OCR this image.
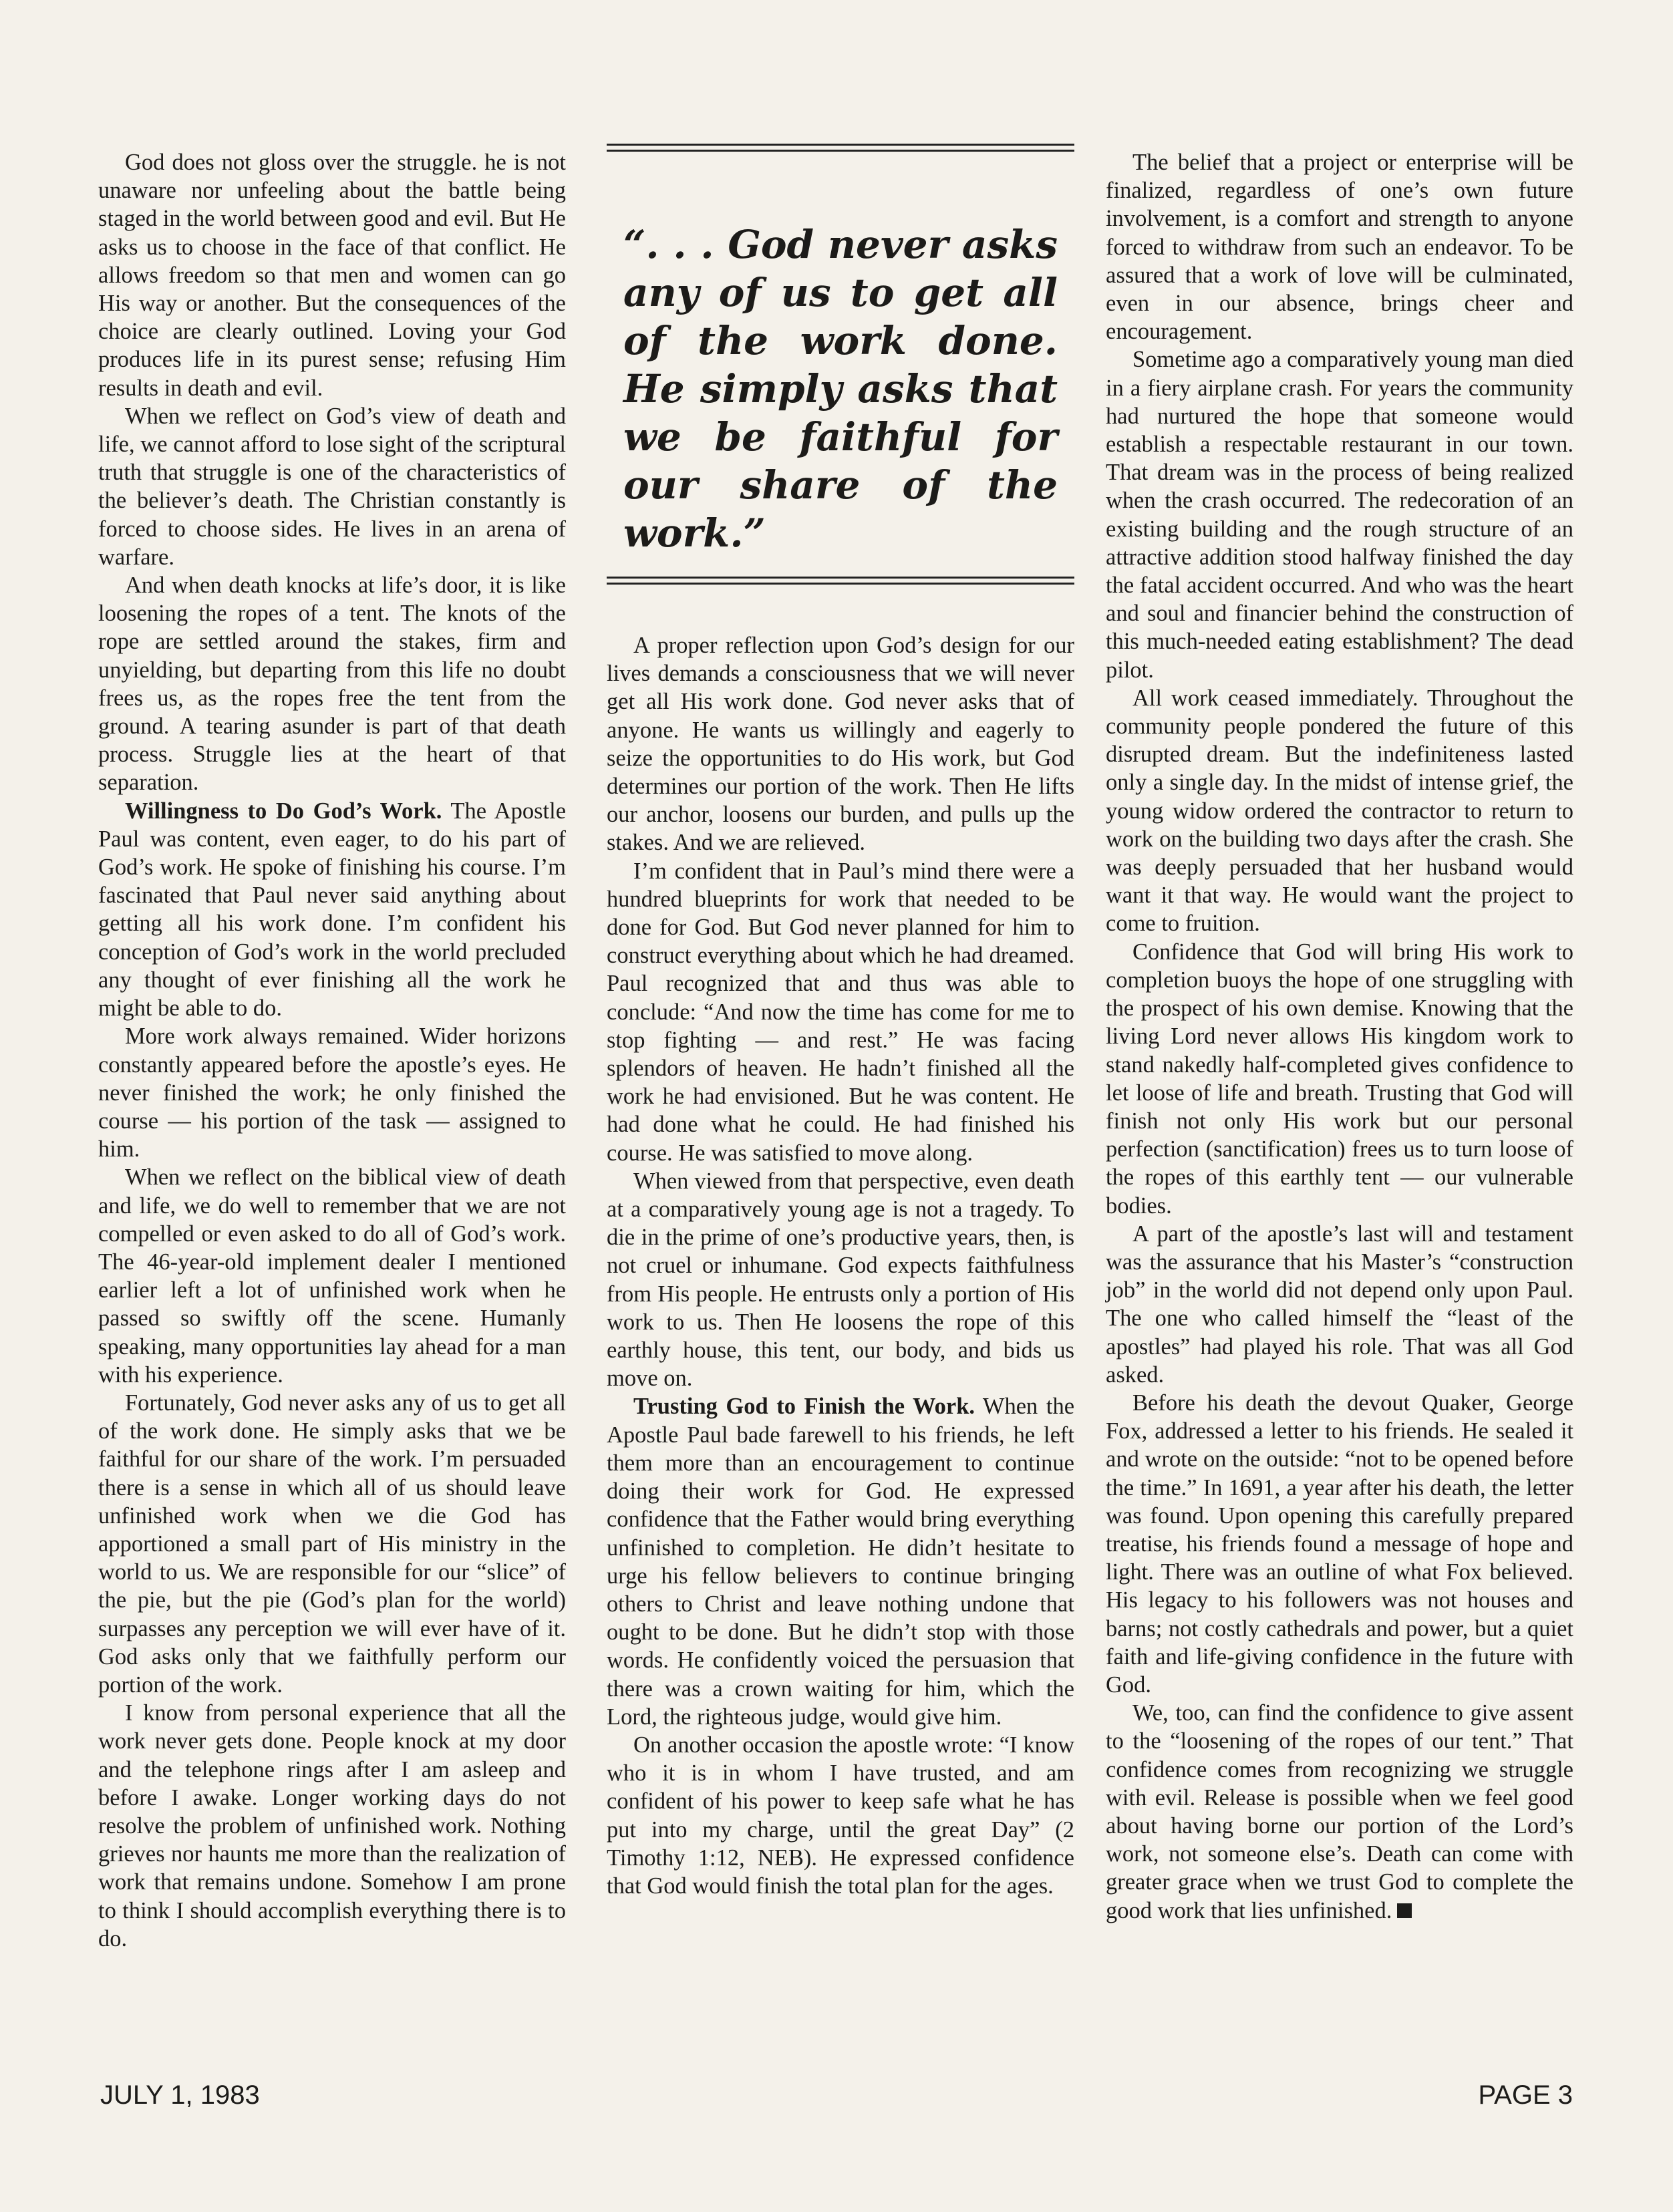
God does not gloss over the struggle. he is not unaware nor unfeeling about the battle being staged in the world between good and evil. But He asks us to choose in the face of that conflict. He allows freedom so that men and women can go His way or another. But the consequences of the choice are clearly outlined. Loving your God produces life in its purest sense; refusing Him results in death and evil.

When we reflect on God’s view of death and life, we cannot afford to lose sight of the scriptural truth that struggle is one of the characteristics of the believer’s death. The Christian constantly is forced to choose sides. He lives in an arena of warfare.

And when death knocks at life’s door, it is like loosening the ropes of a tent. The knots of the rope are settled around the stakes, firm and unyielding, but departing from this life no doubt frees us, as the ropes free the tent from the ground. A tearing asunder is part of that death process. Struggle lies at the heart of that separation.

Willingness to Do God’s Work. The Apostle Paul was content, even eager, to do his part of God’s work. He spoke of finishing his course. I’m fascinated that Paul never said anything about getting all his work done. I’m confident his conception of God’s work in the world precluded any thought of ever finishing all the work he might be able to do.

More work always remained. Wider horizons constantly appeared before the apostle’s eyes. He never finished the work; he only finished the course — his portion of the task — assigned to him.

When we reflect on the biblical view of death and life, we do well to remember that we are not compelled or even asked to do all of God’s work. The 46-year-old implement dealer I mentioned earlier left a lot of unfinished work when he passed so swiftly off the scene. Humanly speaking, many opportunities lay ahead for a man with his experience.

Fortunately, God never asks any of us to get all of the work done. He simply asks that we be faithful for our share of the work. I’m persuaded there is a sense in which all of us should leave unfinished work when we die God has apportioned a small part of His ministry in the world to us. We are responsible for our “slice” of the pie, but the pie (God’s plan for the world) surpasses any perception we will ever have of it. God asks only that we faithfully perform our portion of the work.

I know from personal experience that all the work never gets done. People knock at my door and the telephone rings after I am asleep and before I awake. Longer working days do not resolve the problem of unfinished work. Nothing grieves nor haunts me more than the realization of work that remains undone. Somehow I am prone to think I should accomplish everything there is to do.

“. . . God never asks any of us to get all of the work done. He simply asks that we be faithful for our share of the work.”

A proper reflection upon God’s design for our lives demands a consciousness that we will never get all His work done. God never asks that of anyone. He wants us willingly and eagerly to seize the opportunities to do His work, but God determines our portion of the work. Then He lifts our anchor, loosens our burden, and pulls up the stakes. And we are relieved.

I’m confident that in Paul’s mind there were a hundred blueprints for work that needed to be done for God. But God never planned for him to construct everything about which he had dreamed. Paul recognized that and thus was able to conclude: “And now the time has come for me to stop fighting — and rest.” He was facing splendors of heaven. He hadn’t finished all the work he had envisioned. But he was content. He had done what he could. He had finished his course. He was satisfied to move along.

When viewed from that perspective, even death at a comparatively young age is not a tragedy. To die in the prime of one’s productive years, then, is not cruel or inhumane. God expects faithfulness from His people. He entrusts only a portion of His work to us. Then He loosens the rope of this earthly house, this tent, our body, and bids us move on.

Trusting God to Finish the Work. When the Apostle Paul bade farewell to his friends, he left them more than an encouragement to continue doing their work for God. He expressed confidence that the Father would bring everything unfinished to completion. He didn’t hesitate to urge his fellow believers to continue bringing others to Christ and leave nothing undone that ought to be done. But he didn’t stop with those words. He confidently voiced the persuasion that there was a crown waiting for him, which the Lord, the righteous judge, would give him.

On another occasion the apostle wrote: “I know who it is in whom I have trusted, and am confident of his power to keep safe what he has put into my charge, until the great Day” (2 Timothy 1:12, NEB). He expressed confidence that God would finish the total plan for the ages.

The belief that a project or enterprise will be finalized, regardless of one’s own future involvement, is a comfort and strength to anyone forced to withdraw from such an endeavor. To be assured that a work of love will be culminated, even in our absence, brings cheer and encouragement.

Sometime ago a comparatively young man died in a fiery airplane crash. For years the community had nurtured the hope that someone would establish a respectable restaurant in our town. That dream was in the process of being realized when the crash occurred. The redecoration of an existing building and the rough structure of an attractive addition stood halfway finished the day the fatal accident occurred. And who was the heart and soul and financier behind the construction of this much-needed eating establishment? The dead pilot.

All work ceased immediately. Throughout the community people pondered the future of this disrupted dream. But the indefiniteness lasted only a single day. In the midst of intense grief, the young widow ordered the contractor to return to work on the building two days after the crash. She was deeply persuaded that her husband would want it that way. He would want the project to come to fruition.

Confidence that God will bring His work to completion buoys the hope of one struggling with the prospect of his own demise. Knowing that the living Lord never allows His kingdom work to stand nakedly half-completed gives confidence to let loose of life and breath. Trusting that God will finish not only His work but our personal perfection (sanctification) frees us to turn loose of the ropes of this earthly tent — our vulnerable bodies.

A part of the apostle’s last will and testament was the assurance that his Master’s “construction job” in the world did not depend only upon Paul. The one who called himself the “least of the apostles” had played his role. That was all God asked.

Before his death the devout Quaker, George Fox, addressed a letter to his friends. He sealed it and wrote on the outside: “not to be opened before the time.” In 1691, a year after his death, the letter was found. Upon opening this carefully prepared treatise, his friends found a message of hope and light. There was an outline of what Fox believed. His legacy to his followers was not houses and barns; not costly cathedrals and power, but a quiet faith and life-giving confidence in the future with God.

We, too, can find the confidence to give assent to the “loosening of the ropes of our tent.” That confidence comes from recognizing we struggle with evil. Release is possible when we feel good about having borne our portion of the Lord’s work, not someone else’s. Death can come with greater grace when we trust God to complete the good work that lies unfinished.

JULY 1, 1983	PAGE 3
